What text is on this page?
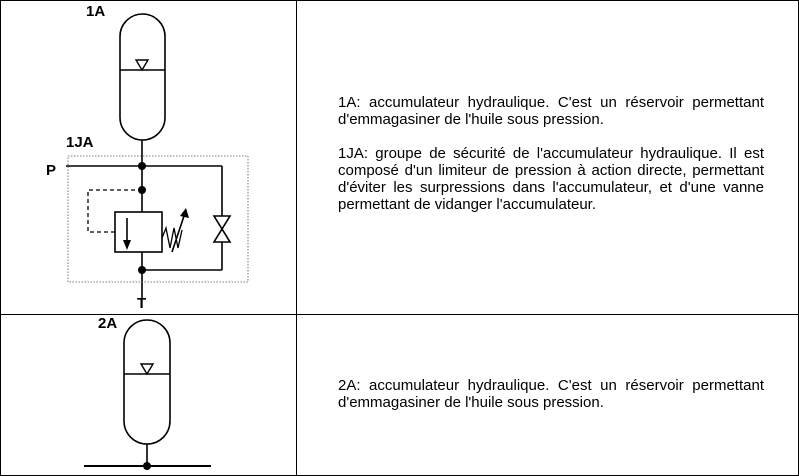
1A
1JA
P
T
2A

1A: accumulateur hydraulique. C'est un réservoir permettant d'emmagasiner de l'huile sous pression.

1JA: groupe de sécurité de l'accumulateur hydraulique. Il est composé d'un limiteur de pression à action directe, permettant d'éviter les surpressions dans l'accumulateur, et d'une vanne permettant de vidanger l'accumulateur.

2A: accumulateur hydraulique. C'est un réservoir permettant d'emmagasiner de l'huile sous pression.
